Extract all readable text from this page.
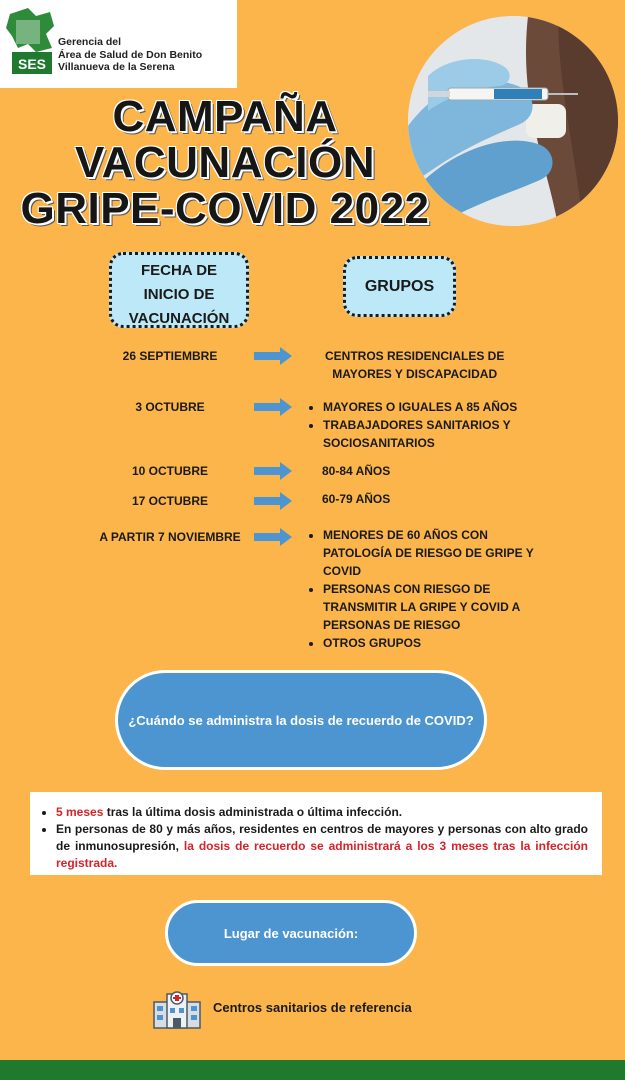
SES
Gerencia del
Área de Salud de Don Benito
Villanueva de la Serena
CAMPAÑA
VACUNACIÓN
GRIPE-COVID 2022
FECHA DE
INICIO DE
VACUNACIÓN
GRUPOS
26 SEPTIEMBRE	CENTROS RESIDENCIALES DE
MAYORES Y DISCAPACIDAD
3 OCTUBRE	• MAYORES O IGUALES A 85 AÑOS
• TRABAJADORES SANITARIOS Y SOCIOSANITARIOS
10 OCTUBRE	80-84 AÑOS
17 OCTUBRE	60-79 AÑOS
A PARTIR 7 NOVIEMBRE	• MENORES DE 60 AÑOS CON PATOLOGÍA DE RIESGO DE GRIPE Y COVID
• PERSONAS CON RIESGO DE TRANSMITIR LA GRIPE Y COVID A PERSONAS DE RIESGO
• OTROS GRUPOS
¿Cuándo se administra la dosis de recuerdo de COVID?
• 5 meses tras la última dosis administrada o última infección.
• En personas de 80 y más años, residentes en centros de mayores y personas con alto grado de inmunosupresión, la dosis de recuerdo se administrará a los 3 meses tras la infección registrada.
Lugar de vacunación:
Centros sanitarios de referencia
